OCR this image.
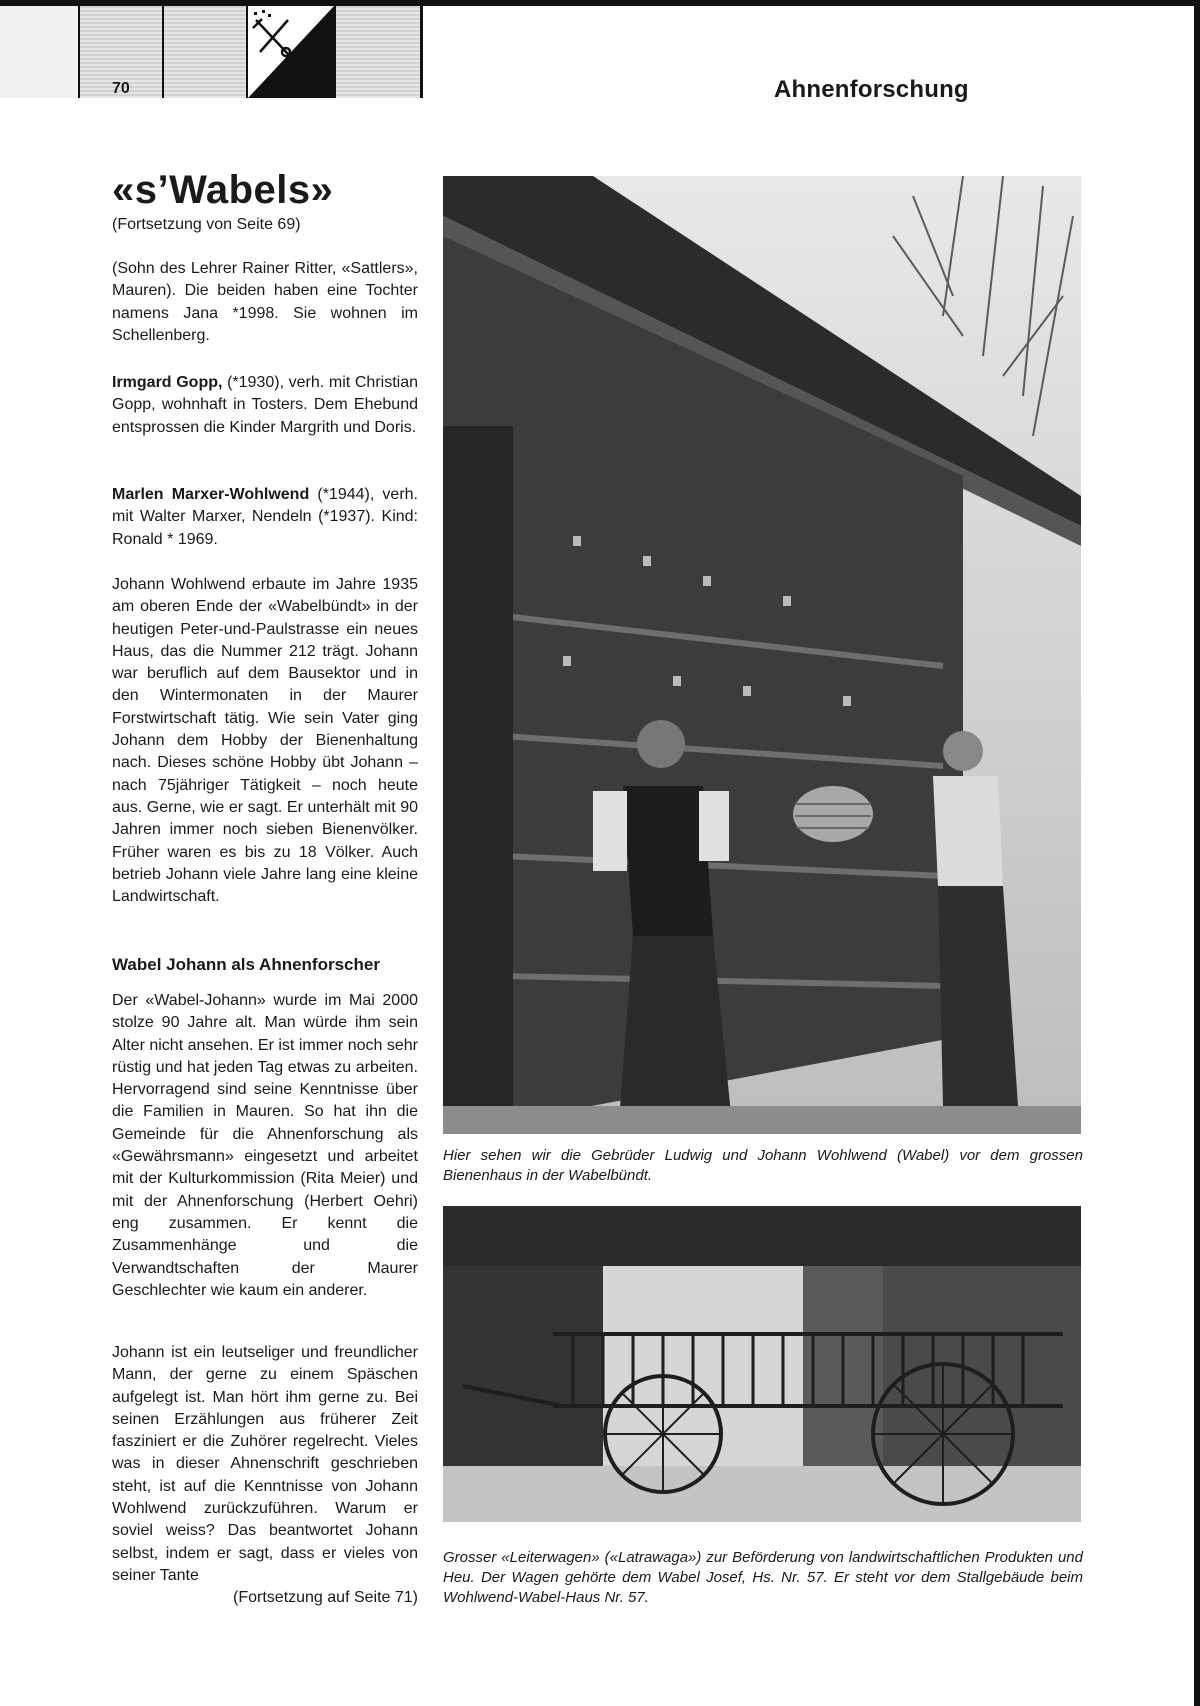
70	Ahnenforschung
«s’Wabels»
(Fortsetzung von Seite 69)

(Sohn des Lehrer Rainer Ritter, «Sattlers», Mauren). Die beiden haben eine Tochter namens Jana *1998. Sie wohnen im Schellenberg.

Irmgard Gopp, (*1930), verh. mit Christian Gopp, wohnhaft in Tosters. Dem Ehebund entsprossen die Kinder Margrith und Doris.

Marlen Marxer-Wohlwend (*1944), verh. mit Walter Marxer, Nendeln (*1937). Kind: Ronald * 1969.

Johann Wohlwend erbaute im Jahre 1935 am oberen Ende der «Wabelbündt» in der heutigen Peter-und-Paulstrasse ein neues Haus, das die Nummer 212 trägt. Johann war beruflich auf dem Bausektor und in den Wintermonaten in der Maurer Forstwirtschaft tätig. Wie sein Vater ging Johann dem Hobby der Bienenhaltung nach. Dieses schöne Hobby übt Johann – nach 75jähriger Tätigkeit – noch heute aus. Gerne, wie er sagt. Er unterhält mit 90 Jahren immer noch sieben Bienenvölker. Früher waren es bis zu 18 Völker. Auch betrieb Johann viele Jahre lang eine kleine Landwirtschaft.

Wabel Johann als Ahnenforscher

Der «Wabel-Johann» wurde im Mai 2000 stolze 90 Jahre alt. Man würde ihm sein Alter nicht ansehen. Er ist immer noch sehr rüstig und hat jeden Tag etwas zu arbeiten. Hervorragend sind seine Kenntnisse über die Familien in Mauren. So hat ihn die Gemeinde für die Ahnenforschung als «Gewährsmann» eingesetzt und arbeitet mit der Kulturkommission (Rita Meier) und mit der Ahnenforschung (Herbert Oehri) eng zusammen. Er kennt die Zusammenhänge und die Verwandtschaften der Maurer Geschlechter wie kaum ein anderer.

Johann ist ein leutseliger und freundlicher Mann, der gerne zu einem Späschen aufgelegt ist. Man hört ihm gerne zu. Bei seinen Erzählungen aus früherer Zeit fasziniert er die Zuhörer regelrecht. Vieles was in dieser Ahnenschrift geschrieben steht, ist auf die Kenntnisse von Johann Wohlwend zurückzuführen. Warum er soviel weiss? Das beantwortet Johann selbst, indem er sagt, dass er vieles von seiner Tante

(Fortsetzung auf Seite 71)

Hier sehen wir die Gebrüder Ludwig und Johann Wohlwend (Wabel) vor dem grossen Bienenhaus in der Wabelbündt.
Grosser «Leiterwagen» («Latrawaga») zur Beförderung von landwirtschaftlichen Produkten und Heu. Der Wagen gehörte dem Wabel Josef, Hs. Nr. 57. Er steht vor dem Stallgebäude beim Wohlwend-Wabel-Haus Nr. 57.
